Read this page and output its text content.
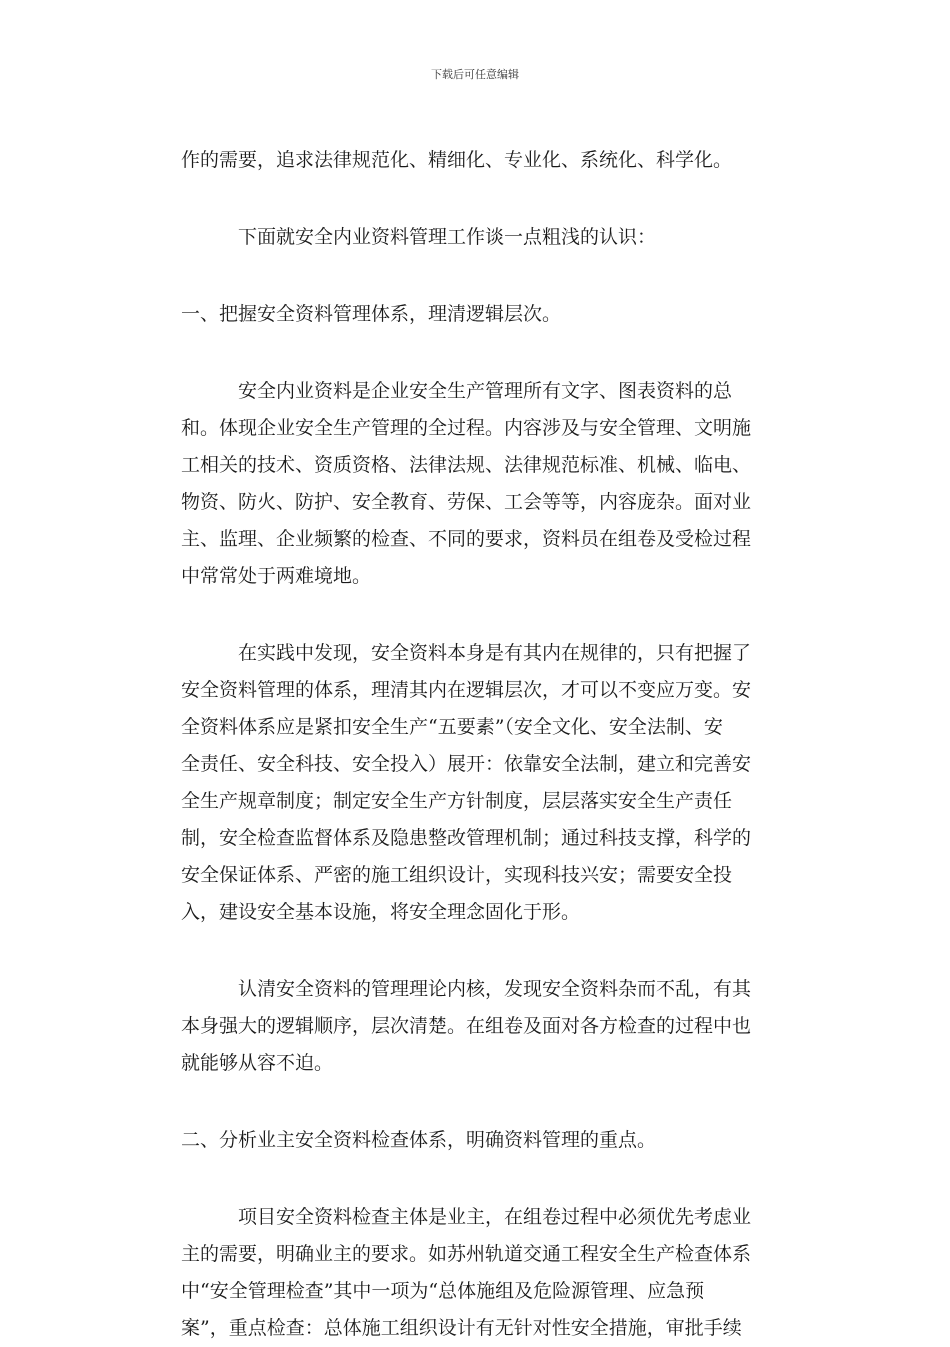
下载后可任意编辑
作的需要，追求法律规范化、精细化、专业化、系统化、科学化。
　　　下面就安全内业资料管理工作谈一点粗浅的认识：
一、把握安全资料管理体系，理清逻辑层次。
　　　安全内业资料是企业安全生产管理所有文字、图表资料的总
和。体现企业安全生产管理的全过程。内容涉及与安全管理、文明施
工相关的技术、资质资格、法律法规、法律规范标准、机械、临电、
物资、防火、防护、安全教育、劳保、工会等等，内容庞杂。面对业
主、监理、企业频繁的检查、不同的要求，资料员在组卷及受检过程
中常常处于两难境地。
　　　在实践中发现，安全资料本身是有其内在规律的，只有把握了
安全资料管理的体系，理清其内在逻辑层次，才可以不变应万变。安
全资料体系应是紧扣安全生产“五要素”（安全文化、安全法制、安
全责任、安全科技、安全投入）展开：依靠安全法制，建立和完善安
全生产规章制度；制定安全生产方针制度，层层落实安全生产责任
制，安全检查监督体系及隐患整改管理机制；通过科技支撑，科学的
安全保证体系、严密的施工组织设计，实现科技兴安；需要安全投
入，建设安全基本设施，将安全理念固化于形。
　　　认清安全资料的管理理论内核，发现安全资料杂而不乱，有其
本身强大的逻辑顺序，层次清楚。在组卷及面对各方检查的过程中也
就能够从容不迫。
二、分析业主安全资料检查体系，明确资料管理的重点。
　　　项目安全资料检查主体是业主，在组卷过程中必须优先考虑业
主的需要，明确业主的要求。如苏州轨道交通工程安全生产检查体系
中“安全管理检查”其中一项为“总体施组及危险源管理、应急预
案”，重点检查：总体施工组织设计有无针对性安全措施，审批手续
